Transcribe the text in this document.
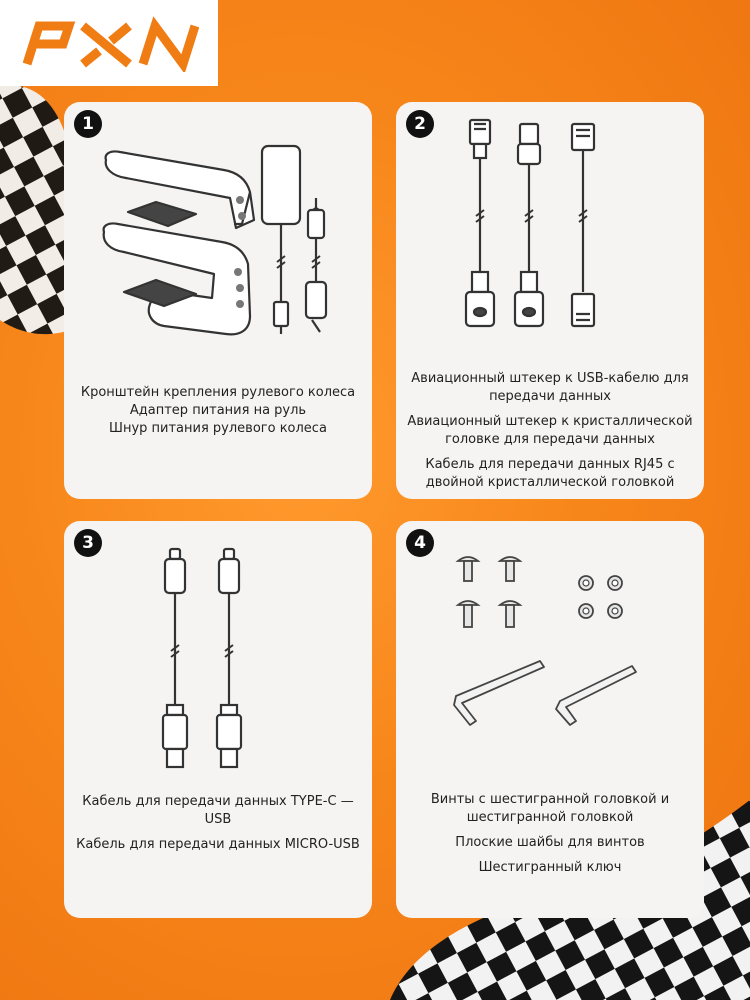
1

Кронштейн крепления рулевого колеса

Адаптер питания на руль

Шнур питания рулевого колеса

2

Авиационный штекер к USB-кабелю для передачи данных

Авиационный штекер к кристаллической головке для передачи данных

Кабель для передачи данных RJ45 с двойной кристаллической головкой

3

Кабель для передачи данных TYPE-C — USB

Кабель для передачи данных MICRO-USB

4

Винты с шестигранной головкой и шестигранной головкой

Плоские шайбы для винтов

Шестигранный ключ
